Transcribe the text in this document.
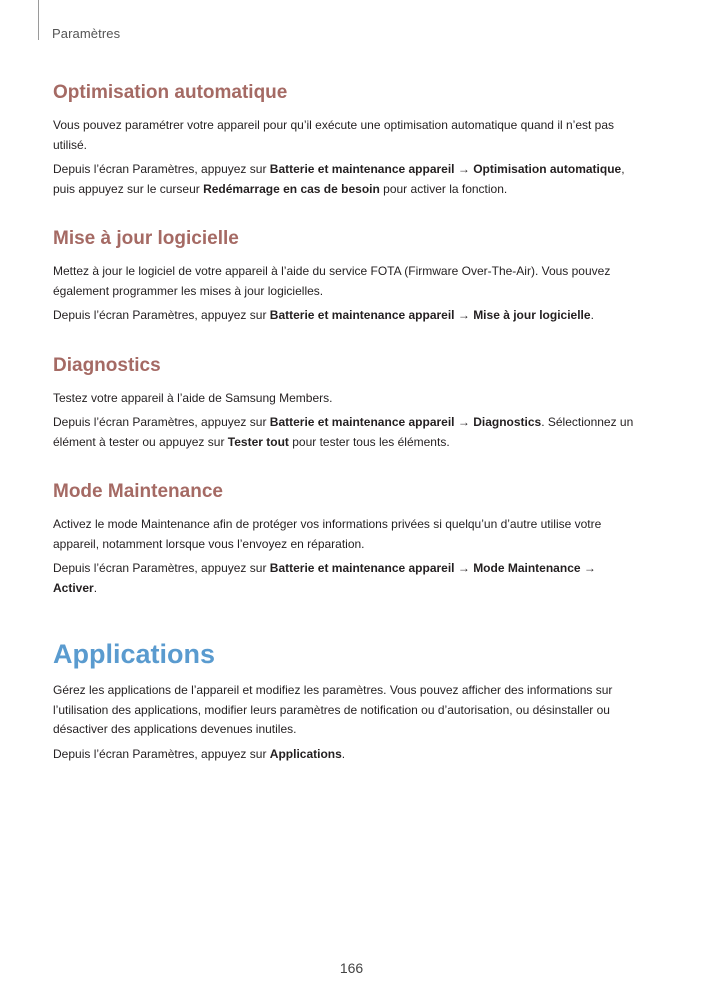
Paramètres
Optimisation automatique

Vous pouvez paramétrer votre appareil pour qu’il exécute une optimisation automatique quand il n’est pas utilisé.

Depuis l’écran Paramètres, appuyez sur Batterie et maintenance appareil → Optimisation automatique, puis appuyez sur le curseur Redémarrage en cas de besoin pour activer la fonction.

Mise à jour logicielle

Mettez à jour le logiciel de votre appareil à l’aide du service FOTA (Firmware Over-The-Air). Vous pouvez également programmer les mises à jour logicielles.

Depuis l’écran Paramètres, appuyez sur Batterie et maintenance appareil → Mise à jour logicielle.

Diagnostics

Testez votre appareil à l’aide de Samsung Members.

Depuis l’écran Paramètres, appuyez sur Batterie et maintenance appareil → Diagnostics. Sélectionnez un élément à tester ou appuyez sur Tester tout pour tester tous les éléments.

Mode Maintenance

Activez le mode Maintenance afin de protéger vos informations privées si quelqu’un d’autre utilise votre appareil, notamment lorsque vous l’envoyez en réparation.

Depuis l’écran Paramètres, appuyez sur Batterie et maintenance appareil → Mode Maintenance → Activer.

Applications

Gérez les applications de l’appareil et modifiez les paramètres. Vous pouvez afficher des informations sur l’utilisation des applications, modifier leurs paramètres de notification ou d’autorisation, ou désinstaller ou désactiver des applications devenues inutiles.

Depuis l’écran Paramètres, appuyez sur Applications.

166
